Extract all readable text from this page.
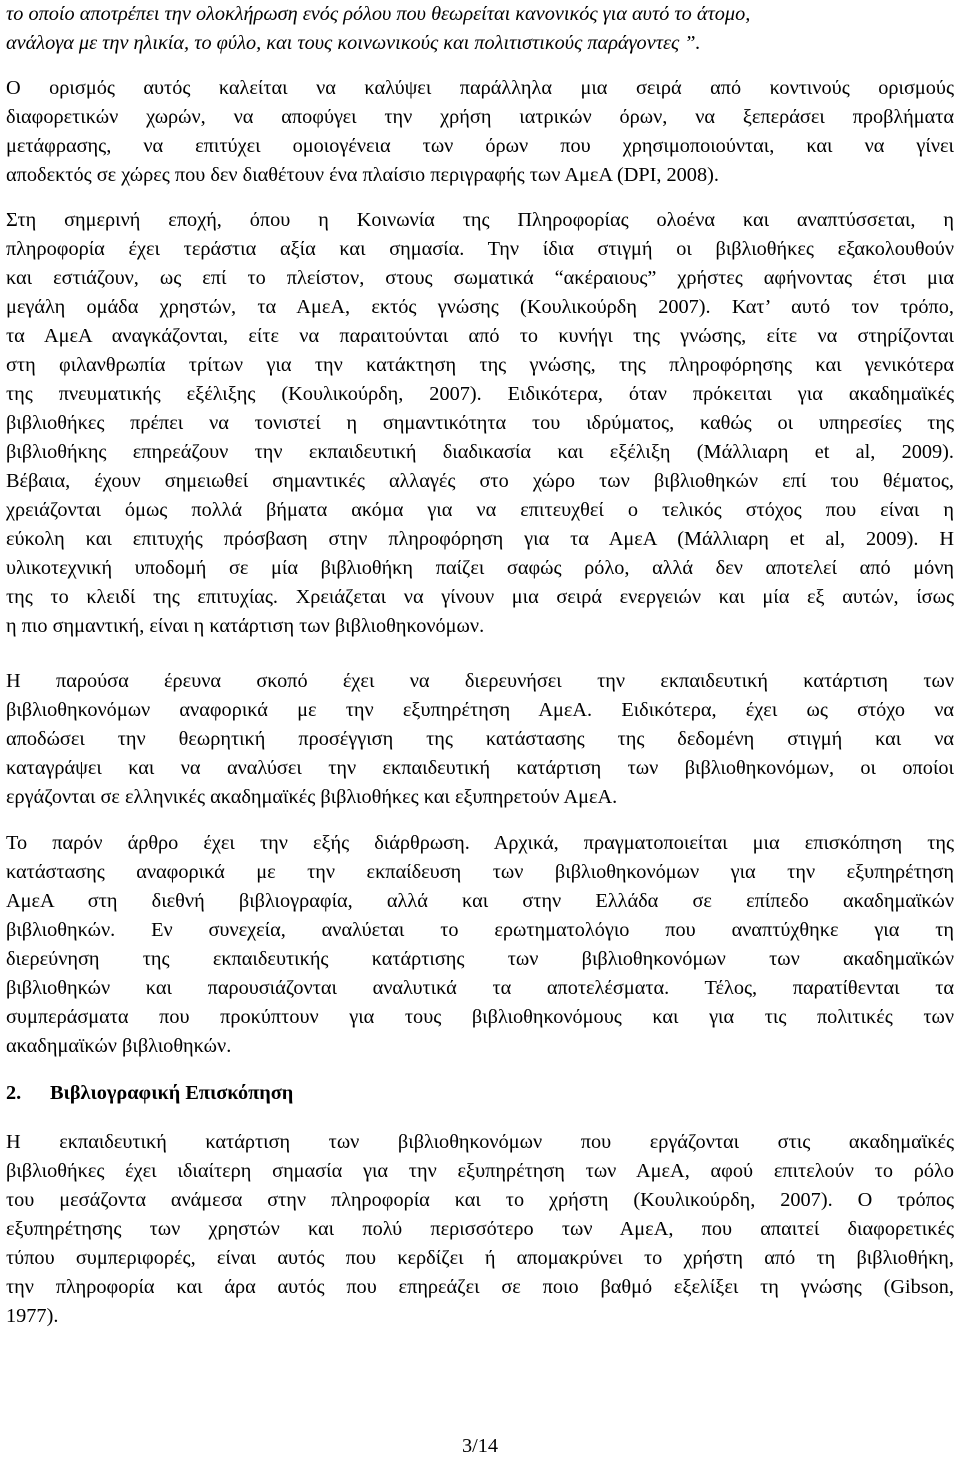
το οποίο αποτρέπει την ολοκλήρωση ενός ρόλου που θεωρείται κανονικός για αυτό το άτομο,
ανάλογα με την ηλικία, το φύλο, και τους κοινωνικούς και πολιτιστικούς παράγοντες ”.
Ο ορισμός αυτός καλείται να καλύψει παράλληλα μια σειρά από κοντινούς ορισμούς
διαφορετικών χωρών, να αποφύγει την χρήση ιατρικών όρων, να ξεπεράσει προβλήματα
μετάφρασης, να επιτύχει ομοιογένεια των όρων που χρησιμοποιούνται, και να γίνει
αποδεκτός σε χώρες που δεν διαθέτουν ένα πλαίσιο περιγραφής των ΑμεΑ (DPI, 2008).
Στη σημερινή εποχή, όπου η Κοινωνία της Πληροφορίας ολοένα και αναπτύσσεται, η
πληροφορία έχει τεράστια αξία και σημασία. Την ίδια στιγμή οι βιβλιοθήκες εξακολουθούν
και εστιάζουν, ως επί το πλείστον, στους σωματικά “ακέραιους” χρήστες αφήνοντας έτσι μια
μεγάλη ομάδα χρηστών, τα ΑμεΑ, εκτός γνώσης (Κουλικούρδη 2007). Κατ’ αυτό τον τρόπο,
τα ΑμεΑ αναγκάζονται, είτε να παραιτούνται από το κυνήγι της γνώσης, είτε να στηρίζονται
στη φιλανθρωπία τρίτων για την κατάκτηση της γνώσης, της πληροφόρησης και γενικότερα
της πνευματικής εξέλιξης (Κουλικούρδη, 2007). Ειδικότερα, όταν πρόκειται για ακαδημαϊκές
βιβλιοθήκες πρέπει να τονιστεί η σημαντικότητα του ιδρύματος, καθώς οι υπηρεσίες της
βιβλιοθήκης επηρεάζουν την εκπαιδευτική διαδικασία και εξέλιξη (Μάλλιαρη et al, 2009).
Βέβαια, έχουν σημειωθεί σημαντικές αλλαγές στο χώρο των βιβλιοθηκών επί του θέματος,
χρειάζονται όμως πολλά βήματα ακόμα για να επιτευχθεί ο τελικός στόχος που είναι η
εύκολη και επιτυχής πρόσβαση στην πληροφόρηση για τα ΑμεΑ (Μάλλιαρη et al, 2009). Η
υλικοτεχνική υποδομή σε μία βιβλιοθήκη παίζει σαφώς ρόλο, αλλά δεν αποτελεί από μόνη
της το κλειδί της επιτυχίας. Χρειάζεται να γίνουν μια σειρά ενεργειών και μία εξ αυτών, ίσως
η πιο σημαντική, είναι η κατάρτιση των βιβλιοθηκονόμων.
Η παρούσα έρευνα σκοπό έχει να διερευνήσει την εκπαιδευτική κατάρτιση των
βιβλιοθηκονόμων αναφορικά με την εξυπηρέτηση ΑμεΑ. Ειδικότερα, έχει ως στόχο να
αποδώσει την θεωρητική προσέγγιση της κατάστασης της δεδομένη στιγμή και να
καταγράψει και να αναλύσει την εκπαιδευτική κατάρτιση των βιβλιοθηκονόμων, οι οποίοι
εργάζονται σε ελληνικές ακαδημαϊκές βιβλιοθήκες και εξυπηρετούν ΑμεΑ.
Το παρόν άρθρο έχει την εξής διάρθρωση. Αρχικά, πραγματοποιείται μια επισκόπηση της
κατάστασης αναφορικά με την εκπαίδευση των βιβλιοθηκονόμων για την εξυπηρέτηση
ΑμεΑ στη διεθνή βιβλιογραφία, αλλά και στην Ελλάδα σε επίπεδο ακαδημαϊκών
βιβλιοθηκών. Εν συνεχεία, αναλύεται το ερωτηματολόγιο που αναπτύχθηκε για τη
διερεύνηση της εκπαιδευτικής κατάρτισης των βιβλιοθηκονόμων των ακαδημαϊκών
βιβλιοθηκών και παρουσιάζονται αναλυτικά τα αποτελέσματα. Τέλος, παρατίθενται τα
συμπεράσματα που προκύπτουν για τους βιβλιοθηκονόμους και για τις πολιτικές των
ακαδημαϊκών βιβλιοθηκών.
2. Βιβλιογραφική Επισκόπηση
Η εκπαιδευτική κατάρτιση των βιβλιοθηκονόμων που εργάζονται στις ακαδημαϊκές
βιβλιοθήκες έχει ιδιαίτερη σημασία για την εξυπηρέτηση των ΑμεΑ, αφού επιτελούν το ρόλο
του μεσάζοντα ανάμεσα στην πληροφορία και το χρήστη (Κουλικούρδη, 2007). Ο τρόπος
εξυπηρέτησης των χρηστών και πολύ περισσότερο των ΑμεΑ, που απαιτεί διαφορετικές
τύπου συμπεριφορές, είναι αυτός που κερδίζει ή απομακρύνει το χρήστη από τη βιβλιοθήκη,
την πληροφορία και άρα αυτός που επηρεάζει σε ποιο βαθμό εξελίξει τη γνώσης (Gibson,
1977).
3/14
